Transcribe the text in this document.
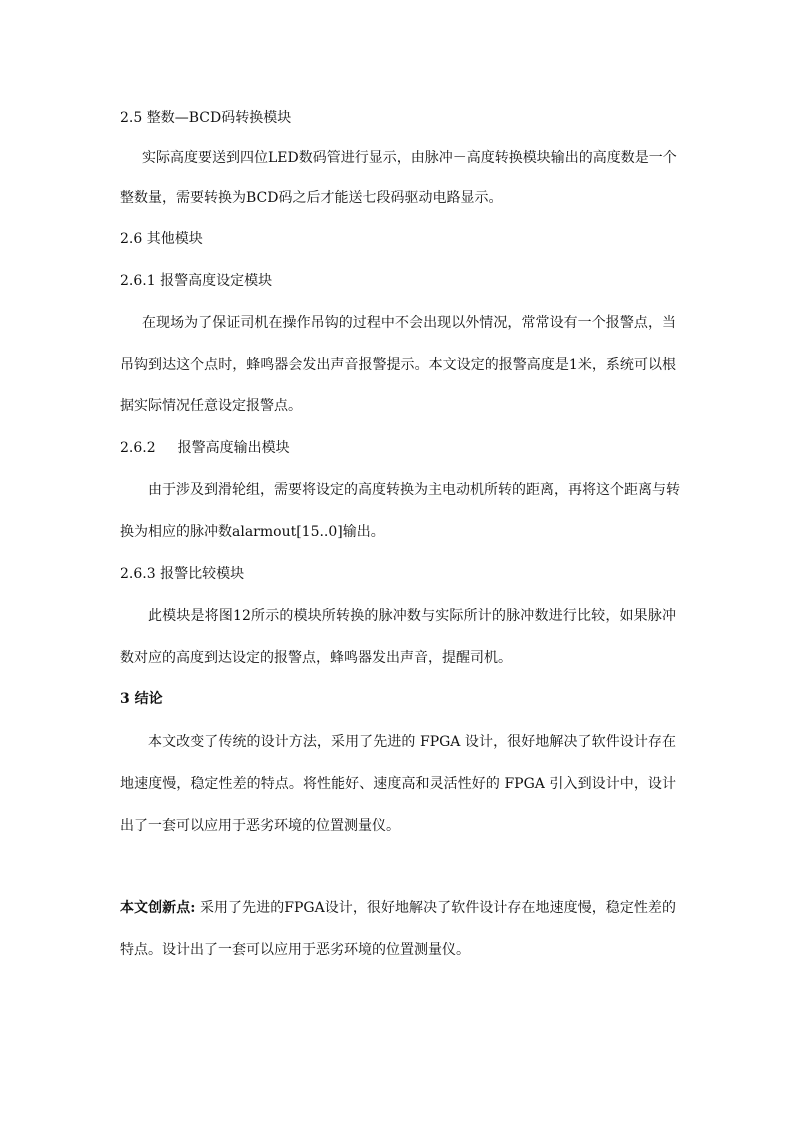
2.5 整数—BCD码转换模块
实际高度要送到四位LED数码管进行显示，由脉冲－高度转换模块输出的高度数是一个
整数量，需要转换为BCD码之后才能送七段码驱动电路显示。
2.6 其他模块
2.6.1 报警高度设定模块
在现场为了保证司机在操作吊钩的过程中不会出现以外情况，常常设有一个报警点，当
吊钩到达这个点时，蜂鸣器会发出声音报警提示。本文设定的报警高度是1米，系统可以根
据实际情况任意设定报警点。
2.6.2 报警高度输出模块
由于涉及到滑轮组，需要将设定的高度转换为主电动机所转的距离，再将这个距离与转
换为相应的脉冲数alarmout[15..0]输出。
2.6.3 报警比较模块
此模块是将图12所示的模块所转换的脉冲数与实际所计的脉冲数进行比较，如果脉冲
数对应的高度到达设定的报警点，蜂鸣器发出声音，提醒司机。
3 结论
本文改变了传统的设计方法，采用了先进的 FPGA 设计，很好地解决了软件设计存在
地速度慢，稳定性差的特点。将性能好、速度高和灵活性好的 FPGA 引入到设计中，设计
出了一套可以应用于恶劣环境的位置测量仪。
本文创新点: 采用了先进的FPGA设计，很好地解决了软件设计存在地速度慢，稳定性差的
特点。设计出了一套可以应用于恶劣环境的位置测量仪。
